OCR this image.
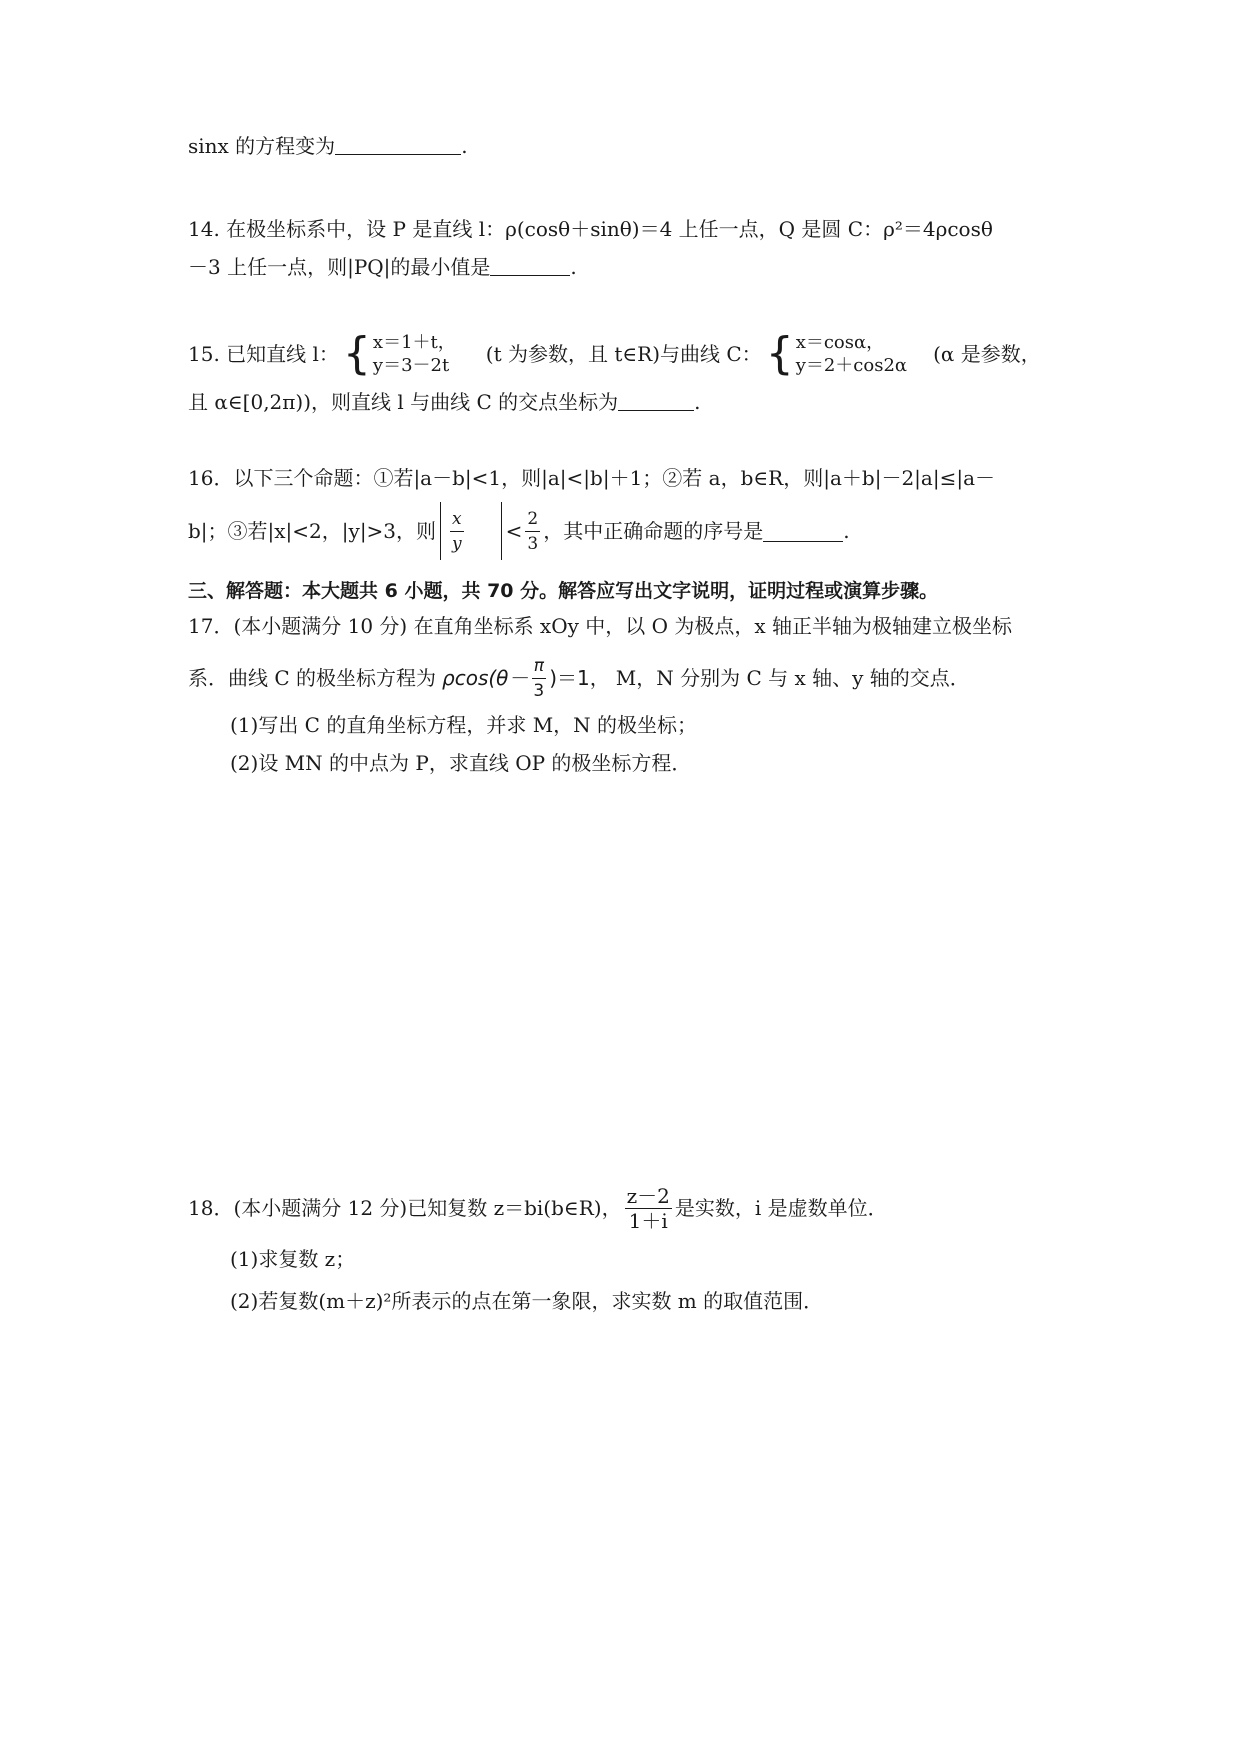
sinx 的方程变为	.
14. 在极坐标系中，设 P 是直线 l：ρ(cosθ＋sinθ)＝4 上任一点，Q 是圆 C：ρ²＝4ρcosθ
－3 上任一点，则|PQ|的最小值是	.
15. 已知直线 l： { x＝1＋t，
y＝3－2t	(t 为参数，且 t∈R)与曲线 C： { x＝cosα，
y＝2＋cos2α (α 是参数，
且 α∈[0,2π))，则直线 l 与曲线 C 的交点坐标为	.
16．以下三个命题：①若|a－b|<1，则|a|<|b|＋1；②若 a，b∈R，则|a＋b|－2|a|≤|a－
b|；③若|x|<2，|y|>3，则 $\frac{x}{y} < \frac{2}{3}$ ，其中正确命题的序号是	.
三、解答题：本大题共 6 小题，共 70 分。解答应写出文字说明，证明过程或演算步骤。
17．(本小题满分 10 分) 在直角坐标系 xOy 中，以 O 为极点，x 轴正半轴为极轴建立极坐标
系．曲线 C 的极坐标方程为 $\rho\cos(\theta- \frac{\pi}{3} )=1$， M，N 分别为 C 与 x 轴、y 轴的交点．
(1)写出 C 的直角坐标方程，并求 M，N 的极坐标；
(2)设 MN 的中点为 P，求直线 OP 的极坐标方程．
18．(本小题满分 12 分)已知复数 z＝bi(b∈R)， $\frac{z-2}{1+i}$ 是实数，i 是虚数单位．
(1)求复数 z；
(2)若复数(m＋z)²所表示的点在第一象限，求实数 m 的取值范围．
